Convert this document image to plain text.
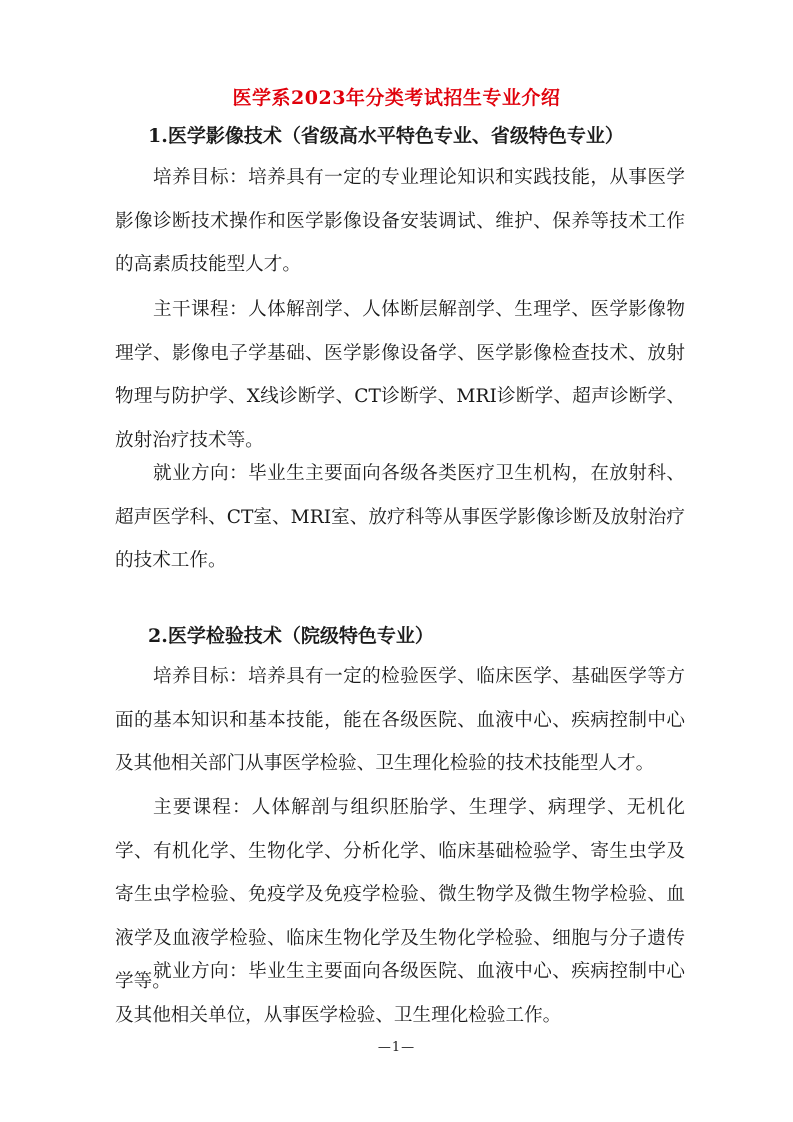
医学系2023年分类考试招生专业介绍
1.医学影像技术（省级高水平特色专业、省级特色专业）

培养目标：培养具有一定的专业理论知识和实践技能，从事医学影像诊断技术操作和医学影像设备安装调试、维护、保养等技术工作的高素质技能型人才。

主干课程：人体解剖学、人体断层解剖学、生理学、医学影像物理学、影像电子学基础、医学影像设备学、医学影像检查技术、放射物理与防护学、X线诊断学、CT诊断学、MRI诊断学、超声诊断学、放射治疗技术等。

就业方向：毕业生主要面向各级各类医疗卫生机构，在放射科、超声医学科、CT室、MRI室、放疗科等从事医学影像诊断及放射治疗的技术工作。

2.医学检验技术（院级特色专业）

培养目标：培养具有一定的检验医学、临床医学、基础医学等方面的基本知识和基本技能，能在各级医院、血液中心、疾病控制中心及其他相关部门从事医学检验、卫生理化检验的技术技能型人才。

主要课程：人体解剖与组织胚胎学、生理学、病理学、无机化学、有机化学、生物化学、分析化学、临床基础检验学、寄生虫学及寄生虫学检验、免疫学及免疫学检验、微生物学及微生物学检验、血液学及血液学检验、临床生物化学及生物化学检验、细胞与分子遗传学等。

就业方向：毕业生主要面向各级医院、血液中心、疾病控制中心及其他相关单位，从事医学检验、卫生理化检验工作。

—1—
